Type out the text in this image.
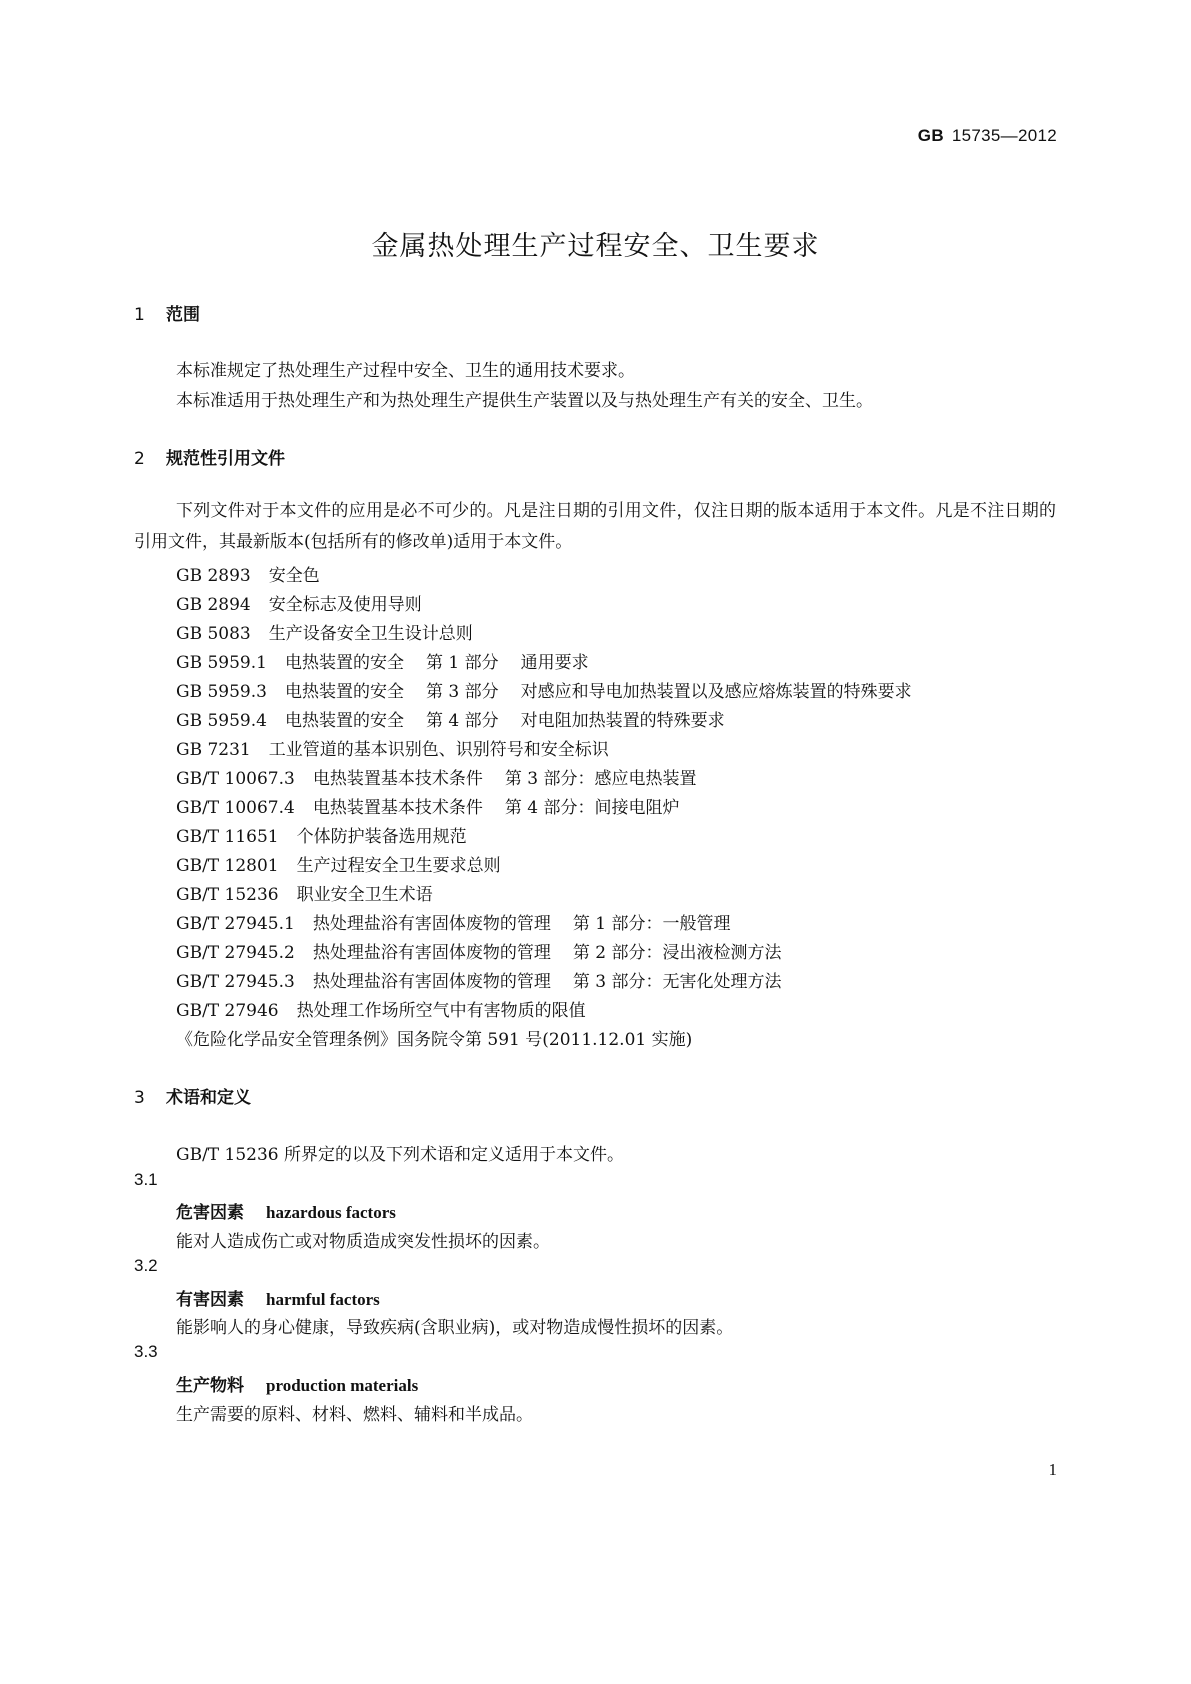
GB 15735—2012
金属热处理生产过程安全、卫生要求
1 范围
本标准规定了热处理生产过程中安全、卫生的通用技术要求。
本标准适用于热处理生产和为热处理生产提供生产装置以及与热处理生产有关的安全、卫生。
2 规范性引用文件
下列文件对于本文件的应用是必不可少的。凡是注日期的引用文件，仅注日期的版本适用于本文件。凡是不注日期的引用文件，其最新版本(包括所有的修改单)适用于本文件。
GB 2893 安全色
GB 2894 安全标志及使用导则
GB 5083 生产设备安全卫生设计总则
GB 5959.1 电热装置的安全 第 1 部分 通用要求
GB 5959.3 电热装置的安全 第 3 部分 对感应和导电加热装置以及感应熔炼装置的特殊要求
GB 5959.4 电热装置的安全 第 4 部分 对电阻加热装置的特殊要求
GB 7231 工业管道的基本识别色、识别符号和安全标识
GB/T 10067.3 电热装置基本技术条件 第 3 部分：感应电热装置
GB/T 10067.4 电热装置基本技术条件 第 4 部分：间接电阻炉
GB/T 11651 个体防护装备选用规范
GB/T 12801 生产过程安全卫生要求总则
GB/T 15236 职业安全卫生术语
GB/T 27945.1 热处理盐浴有害固体废物的管理 第 1 部分：一般管理
GB/T 27945.2 热处理盐浴有害固体废物的管理 第 2 部分：浸出液检测方法
GB/T 27945.3 热处理盐浴有害固体废物的管理 第 3 部分：无害化处理方法
GB/T 27946 热处理工作场所空气中有害物质的限值
《危险化学品安全管理条例》国务院令第 591 号(2011.12.01 实施)
3 术语和定义
GB/T 15236 所界定的以及下列术语和定义适用于本文件。
3.1
危害因素 hazardous factors
能对人造成伤亡或对物质造成突发性损坏的因素。
3.2
有害因素 harmful factors
能影响人的身心健康，导致疾病(含职业病)，或对物造成慢性损坏的因素。
3.3
生产物料 production materials
生产需要的原料、材料、燃料、辅料和半成品。
1
